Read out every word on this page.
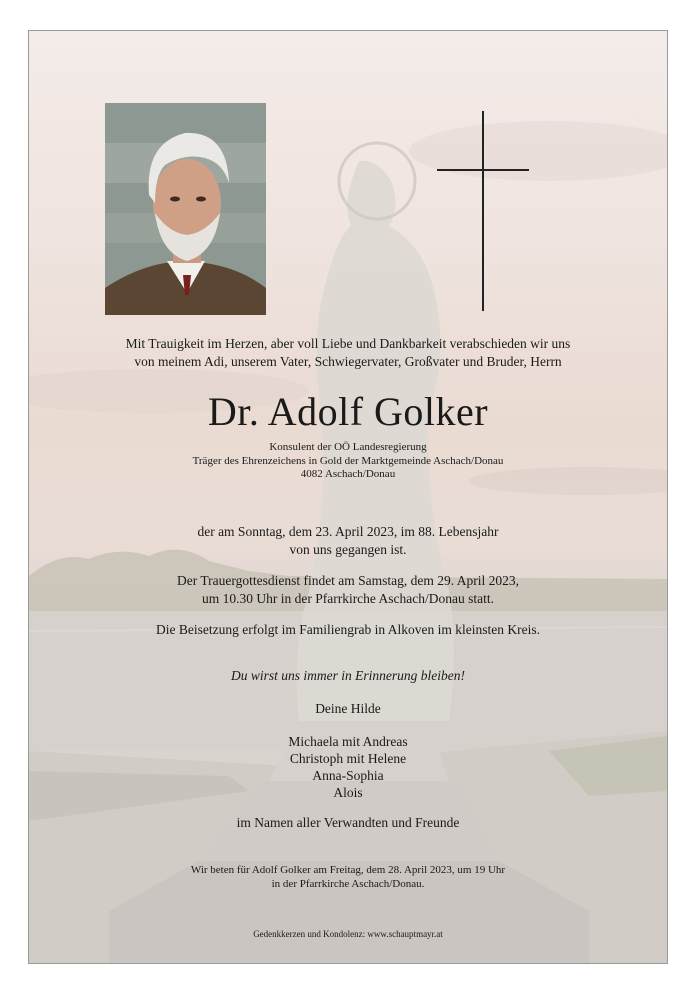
Mit Trauigkeit im Herzen, aber voll Liebe und Dankbarkeit verabschieden wir uns
von meinem Adi, unserem Vater, Schwiegervater, Großvater und Bruder, Herrn
Dr. Adolf Golker
Konsulent der OÖ Landesregierung
Träger des Ehrenzeichens in Gold der Marktgemeinde Aschach/Donau
4082 Aschach/Donau
der am Sonntag, dem 23. April 2023, im 88. Lebensjahr
von uns gegangen ist.
Der Trauergottesdienst findet am Samstag, dem 29. April 2023,
um 10.30 Uhr in der Pfarrkirche Aschach/Donau statt.
Die Beisetzung erfolgt im Familiengrab in Alkoven im kleinsten Kreis.
Du wirst uns immer in Erinnerung bleiben!
Deine Hilde
Michaela mit Andreas
Christoph mit Helene
Anna-Sophia
Alois
im Namen aller Verwandten und Freunde
Wir beten für Adolf Golker am Freitag, dem 28. April 2023, um 19 Uhr
in der Pfarrkirche Aschach/Donau.
Gedenkkerzen und Kondolenz: www.schauptmayr.at
